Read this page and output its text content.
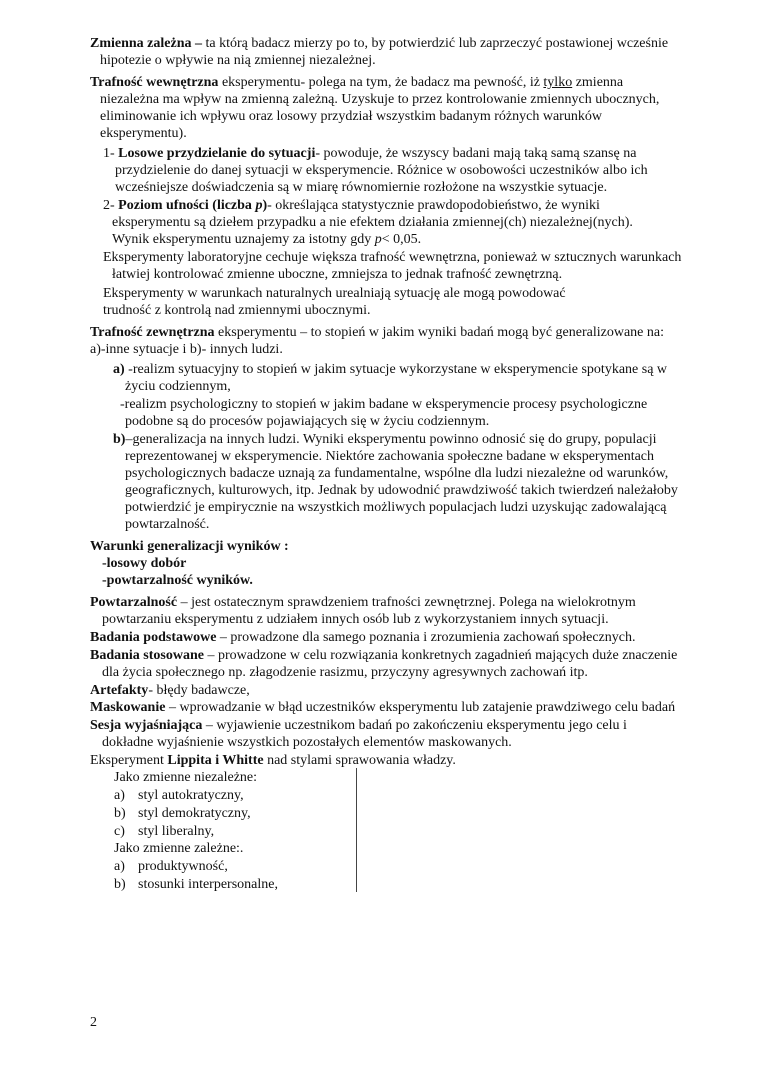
Zmienna zależna – ta którą badacz mierzy po to, by potwierdzić lub zaprzeczyć postawionej wcześnie

hipotezie o wpływie na nią zmiennej niezależnej.

Trafność wewnętrzna eksperymentu- polega na tym, że badacz ma pewność, iż tylko zmienna

niezależna ma wpływ na zmienną zależną. Uzyskuje to przez kontrolowanie zmiennych ubocznych,

eliminowanie ich wpływu oraz losowy przydział wszystkim badanym różnych warunków

eksperymentu).

1- Losowe przydzielanie do sytuacji- powoduje, że wszyscy badani mają taką samą szansę na

przydzielenie do danej sytuacji w eksperymencie. Różnice w osobowości uczestników albo ich

wcześniejsze doświadczenia są w miarę równomiernie rozłożone na wszystkie sytuacje.

2- Poziom ufności (liczba p)- określająca statystycznie prawdopodobieństwo, że wyniki

eksperymentu są dziełem przypadku a nie efektem działania zmiennej(ch) niezależnej(nych).

Wynik eksperymentu uznajemy za istotny gdy p< 0,05.

Eksperymenty laboratoryjne cechuje większa trafność wewnętrzna, ponieważ w sztucznych warunkach

łatwiej kontrolować zmienne uboczne, zmniejsza to jednak trafność zewnętrzną.

Eksperymenty w warunkach naturalnych urealniają sytuację ale mogą powodować

trudność z kontrolą nad zmiennymi ubocznymi.

Trafność zewnętrzna eksperymentu – to stopień w jakim wyniki badań mogą być generalizowane na:

a)-inne sytuacje i b)- innych ludzi.

a) -realizm sytuacyjny to stopień w jakim sytuacje wykorzystane w eksperymencie spotykane są w

życiu codziennym,

-realizm psychologiczny to stopień w jakim badane w eksperymencie procesy psychologiczne

podobne są do procesów pojawiających się w życiu codziennym.

b)–generalizacja na innych ludzi. Wyniki eksperymentu powinno odnosić się do grupy, populacji

reprezentowanej w eksperymencie. Niektóre zachowania społeczne badane w eksperymentach

psychologicznych badacze uznają za fundamentalne, wspólne dla ludzi niezależne od warunków,

geograficznych, kulturowych, itp. Jednak by udowodnić prawdziwość takich twierdzeń należałoby

potwierdzić je empirycznie na wszystkich możliwych populacjach ludzi uzyskując zadowalającą

powtarzalność.

Warunki generalizacji wyników :

-losowy dobór

-powtarzalność wyników.

Powtarzalność – jest ostatecznym sprawdzeniem trafności zewnętrznej. Polega na wielokrotnym

powtarzaniu eksperymentu z udziałem innych osób lub z wykorzystaniem innych sytuacji.

Badania podstawowe – prowadzone dla samego poznania i zrozumienia zachowań społecznych.

Badania stosowane – prowadzone w celu rozwiązania konkretnych zagadnień mających duże znaczenie

dla życia społecznego np. złagodzenie rasizmu, przyczyny agresywnych zachowań itp.

Artefakty- błędy badawcze,

Maskowanie – wprowadzanie w błąd uczestników eksperymentu lub zatajenie prawdziwego celu badań

Sesja wyjaśniająca – wyjawienie uczestnikom badań po zakończeniu eksperymentu jego celu i

dokładne wyjaśnienie wszystkich pozostałych elementów maskowanych.

Eksperyment Lippita i Whitte nad stylami sprawowania władzy.

Jako zmienne niezależne:

a) styl autokratyczny,

b) styl demokratyczny,

c) styl liberalny,

Jako zmienne zależne:.

a) produktywność,

b) stosunki interpersonalne,

2
